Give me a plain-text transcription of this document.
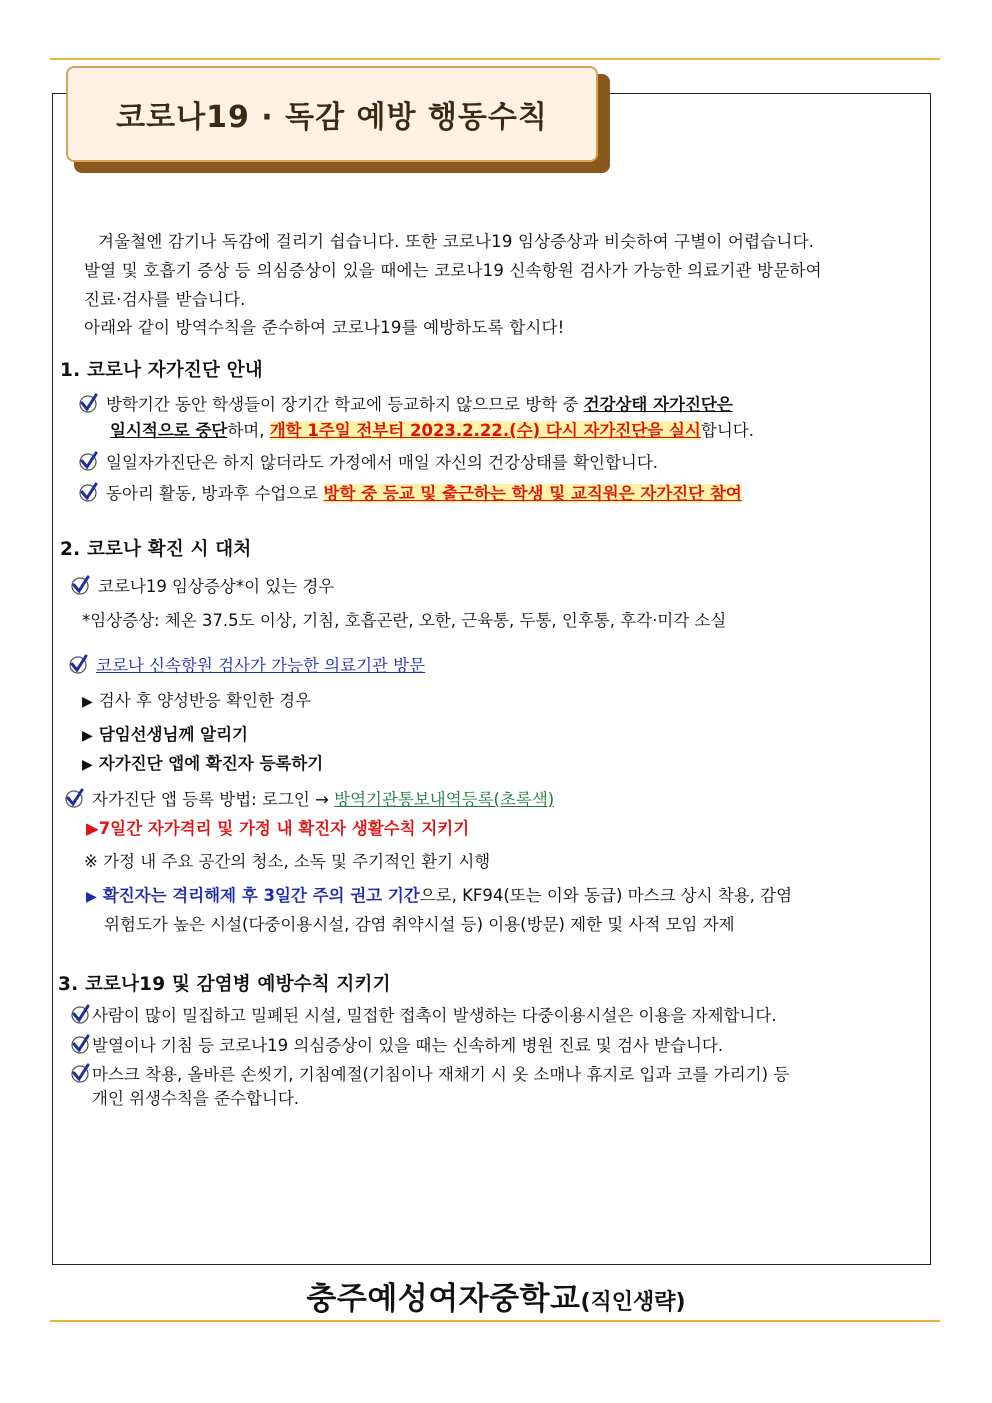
코로나19 · 독감 예방 행동수칙
겨울철엔 감기나 독감에 걸리기 쉽습니다. 또한 코로나19 임상증상과 비슷하여 구별이 어렵습니다.
발열 및 호흡기 증상 등 의심증상이 있을 때에는 코로나19 신속항원 검사가 가능한 의료기관 방문하여
진료·검사를 받습니다.
아래와 같이 방역수칙을 준수하여 코로나19를 예방하도록 합시다!
1. 코로나 자가진단 안내
방학기간 동안 학생들이 장기간 학교에 등교하지 않으므로 방학 중 건강상태 자가진단은
일시적으로 중단하며, 개학 1주일 전부터 2023.2.22.(수) 다시 자가진단을 실시합니다.
일일자가진단은 하지 않더라도 가정에서 매일 자신의 건강상태를 확인합니다.
동아리 활동, 방과후 수업으로 방학 중 등교 및 출근하는 학생 및 교직원은 자가진단 참여
2. 코로나 확진 시 대처
코로나19 임상증상*이 있는 경우
*임상증상: 체온 37.5도 이상, 기침, 호흡곤란, 오한, 근육통, 두통, 인후통, 후각·미각 소실
코로나 신속항원 검사가 가능한 의료기관 방문
▶ 검사 후 양성반응 확인한 경우
▶ 담임선생님께 알리기
▶ 자가진단 앱에 확진자 등록하기
자가진단 앱 등록 방법: 로그인 → 방역기관통보내역등록(초록색)
▶7일간 자가격리 및 가정 내 확진자 생활수칙 지키기
※ 가정 내 주요 공간의 청소, 소독 및 주기적인 환기 시행
▶ 확진자는 격리해제 후 3일간 주의 권고 기간으로, KF94(또는 이와 동급) 마스크 상시 착용, 감염
위험도가 높은 시설(다중이용시설, 감염 취약시설 등) 이용(방문) 제한 및 사적 모임 자제
3. 코로나19 및 감염병 예방수칙 지키기
사람이 많이 밀집하고 밀폐된 시설, 밀접한 접촉이 발생하는 다중이용시설은 이용을 자제합니다.
발열이나 기침 등 코로나19 의심증상이 있을 때는 신속하게 병원 진료 및 검사 받습니다.
마스크 착용, 올바른 손씻기, 기침예절(기침이나 재채기 시 옷 소매나 휴지로 입과 코를 가리기) 등
개인 위생수칙을 준수합니다.
충주예성여자중학교(직인생략)
